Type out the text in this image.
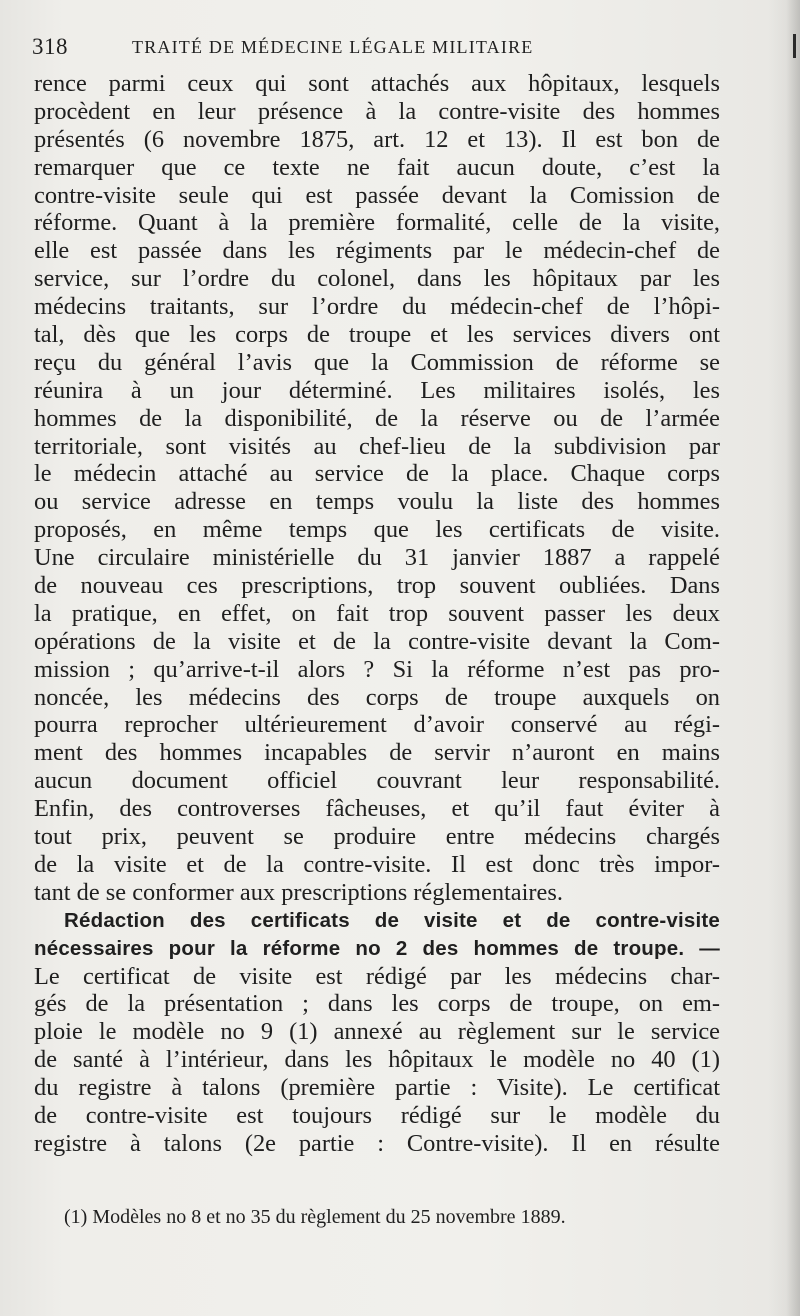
318	TRAITÉ DE MÉDECINE LÉGALE MILITAIRE
rence parmi ceux qui sont attachés aux hôpitaux, lesquels
procèdent en leur présence à la contre-visite des hommes
présentés (6 novembre 1875, art. 12 et 13). Il est bon de
remarquer que ce texte ne fait aucun doute, c’est la
contre-visite seule qui est passée devant la Comission de
réforme. Quant à la première formalité, celle de la visite,
elle est passée dans les régiments par le médecin-chef de
service, sur l’ordre du colonel, dans les hôpitaux par les
médecins traitants, sur l’ordre du médecin-chef de l’hôpi-
tal, dès que les corps de troupe et les services divers ont
reçu du général l’avis que la Commission de réforme se
réunira à un jour déterminé. Les militaires isolés, les
hommes de la disponibilité, de la réserve ou de l’armée
territoriale, sont visités au chef-lieu de la subdivision par
le médecin attaché au service de la place. Chaque corps
ou service adresse en temps voulu la liste des hommes
proposés, en même temps que les certificats de visite.
Une circulaire ministérielle du 31 janvier 1887 a rappelé
de nouveau ces prescriptions, trop souvent oubliées. Dans
la pratique, en effet, on fait trop souvent passer les deux
opérations de la visite et de la contre-visite devant la Com-
mission ; qu’arrive-t-il alors ? Si la réforme n’est pas pro-
noncée, les médecins des corps de troupe auxquels on
pourra reprocher ultérieurement d’avoir conservé au régi-
ment des hommes incapables de servir n’auront en mains
aucun document officiel couvrant leur responsabilité.
Enfin, des controverses fâcheuses, et qu’il faut éviter à
tout prix, peuvent se produire entre médecins chargés
de la visite et de la contre-visite. Il est donc très impor-
tant de se conformer aux prescriptions réglementaires.
Rédaction des certificats de visite et de contre-visite
nécessaires pour la réforme no 2 des hommes de troupe. —
Le certificat de visite est rédigé par les médecins char-
gés de la présentation ; dans les corps de troupe, on em-
ploie le modèle no 9 (1) annexé au règlement sur le service
de santé à l’intérieur, dans les hôpitaux le modèle no 40 (1)
du registre à talons (première partie : Visite). Le certificat
de contre-visite est toujours rédigé sur le modèle du
registre à talons (2e partie : Contre-visite). Il en résulte
(1) Modèles no 8 et no 35 du règlement du 25 novembre 1889.
